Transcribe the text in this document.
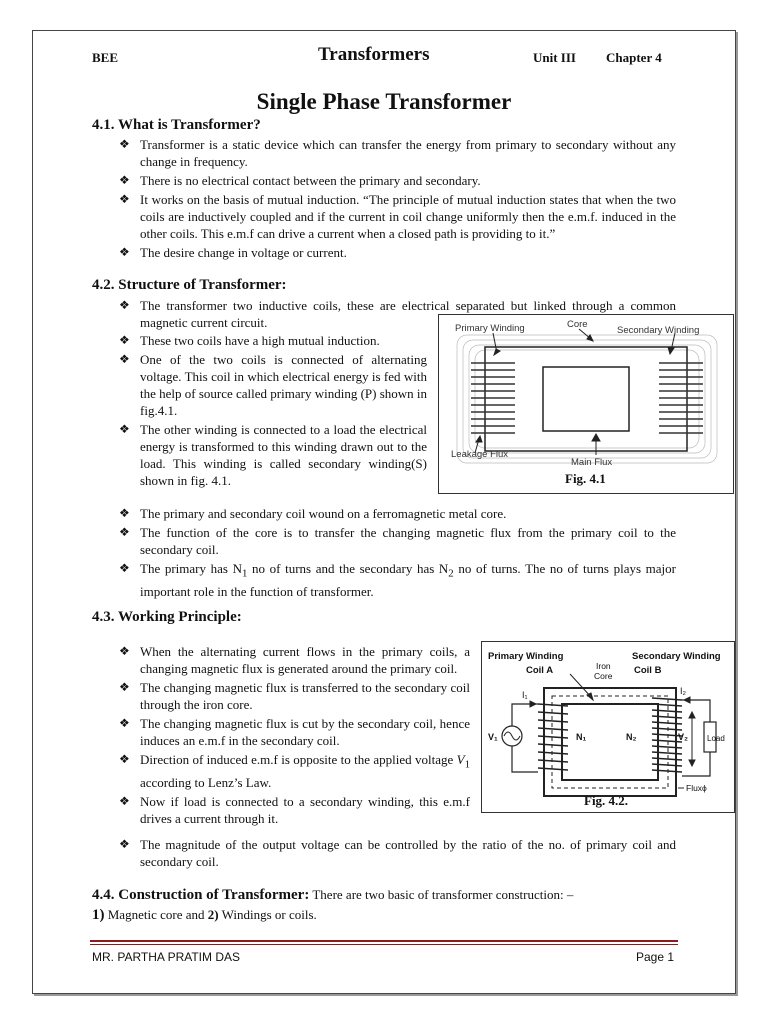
BEE	Transformers	Unit III Chapter 4
Single Phase Transformer
4.1. What is Transformer?
❖ Transformer is a static device which can transfer the energy from primary to secondary without any change in frequency.
❖ There is no electrical contact between the primary and secondary.
❖ It works on the basis of mutual induction. “The principle of mutual induction states that when the two coils are inductively coupled and if the current in coil change uniformly then the e.m.f. induced in the other coils. This e.m.f can drive a current when a closed path is providing to it.”
❖ The desire change in voltage or current.
4.2. Structure of Transformer:
❖ The transformer two inductive coils, these are electrical separated but linked through a common magnetic current circuit.
❖ These two coils have a high mutual induction.
❖ One of the two coils is connected of alternating voltage. This coil in which electrical energy is fed with the help of source called primary winding (P) shown in fig.4.1.
❖ The other winding is connected to a load the electrical energy is transformed to this winding drawn out to the load. This winding is called secondary winding(S) shown in fig. 4.1.
❖ The primary and secondary coil wound on a ferromagnetic metal core.
❖ The function of the core is to transfer the changing magnetic flux from the primary coil to the secondary coil.
❖ The primary has $N_1$ no of turns and the secondary has $N_2$ no of turns. The no of turns plays major important role in the function of transformer.
Primary Winding	Core
Secondary Winding
Leakage Flux
Main Flux
Fig. 4.1
4.3. Working Principle:
❖ When the alternating current flows in the primary coils, a changing magnetic flux is generated around the primary coil.
❖ The changing magnetic flux is transferred to the secondary coil through the iron core.
❖ The changing magnetic flux is cut by the secondary coil, hence induces an e.m.f in the secondary coil.
❖ Direction of induced e.m.f is opposite to the applied voltage $V_1$ according to Lenz’s Law.
❖ Now if load is connected to a secondary winding, this e.m.f drives a current through it.
❖ The magnitude of the output voltage can be controlled by the ratio of the no. of primary coil and secondary coil.
Primary Winding
Coil A	Iron
Core
Secondary Winding
Coil B
I₁	I₂
V₁	N₁	N₂	V₂ Load
Fluxϕ
Fig. 4.2.
4.4. Construction of Transformer: There are two basic of transformer construction: –
1) Magnetic core and 2) Windings or coils.
MR. PARTHA PRATIM DAS	Page 1
